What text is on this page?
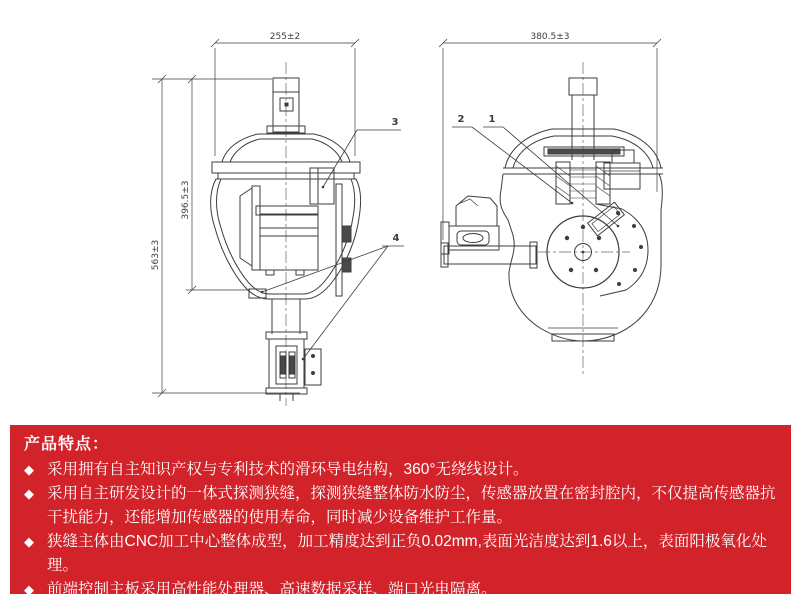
255±2
563±3
396.5±3
3
4
380.5±3
2 1
产品特点：
◆ 采用拥有自主知识产权与专利技术的滑环导电结构，360°无绕线设计。
◆ 采用自主研发设计的一体式探测狭缝，探测狭缝整体防水防尘，传感器放置在密封腔内，不仅提高传感器抗干扰能力，还能增加传感器的使用寿命，同时减少设备维护工作量。
◆ 狭缝主体由CNC加工中心整体成型，加工精度达到正负0.02mm,表面光洁度达到1.6以上，表面阳极氧化处理。
◆ 前端控制主板采用高性能处理器、高速数据采样、端口光电隔离。
